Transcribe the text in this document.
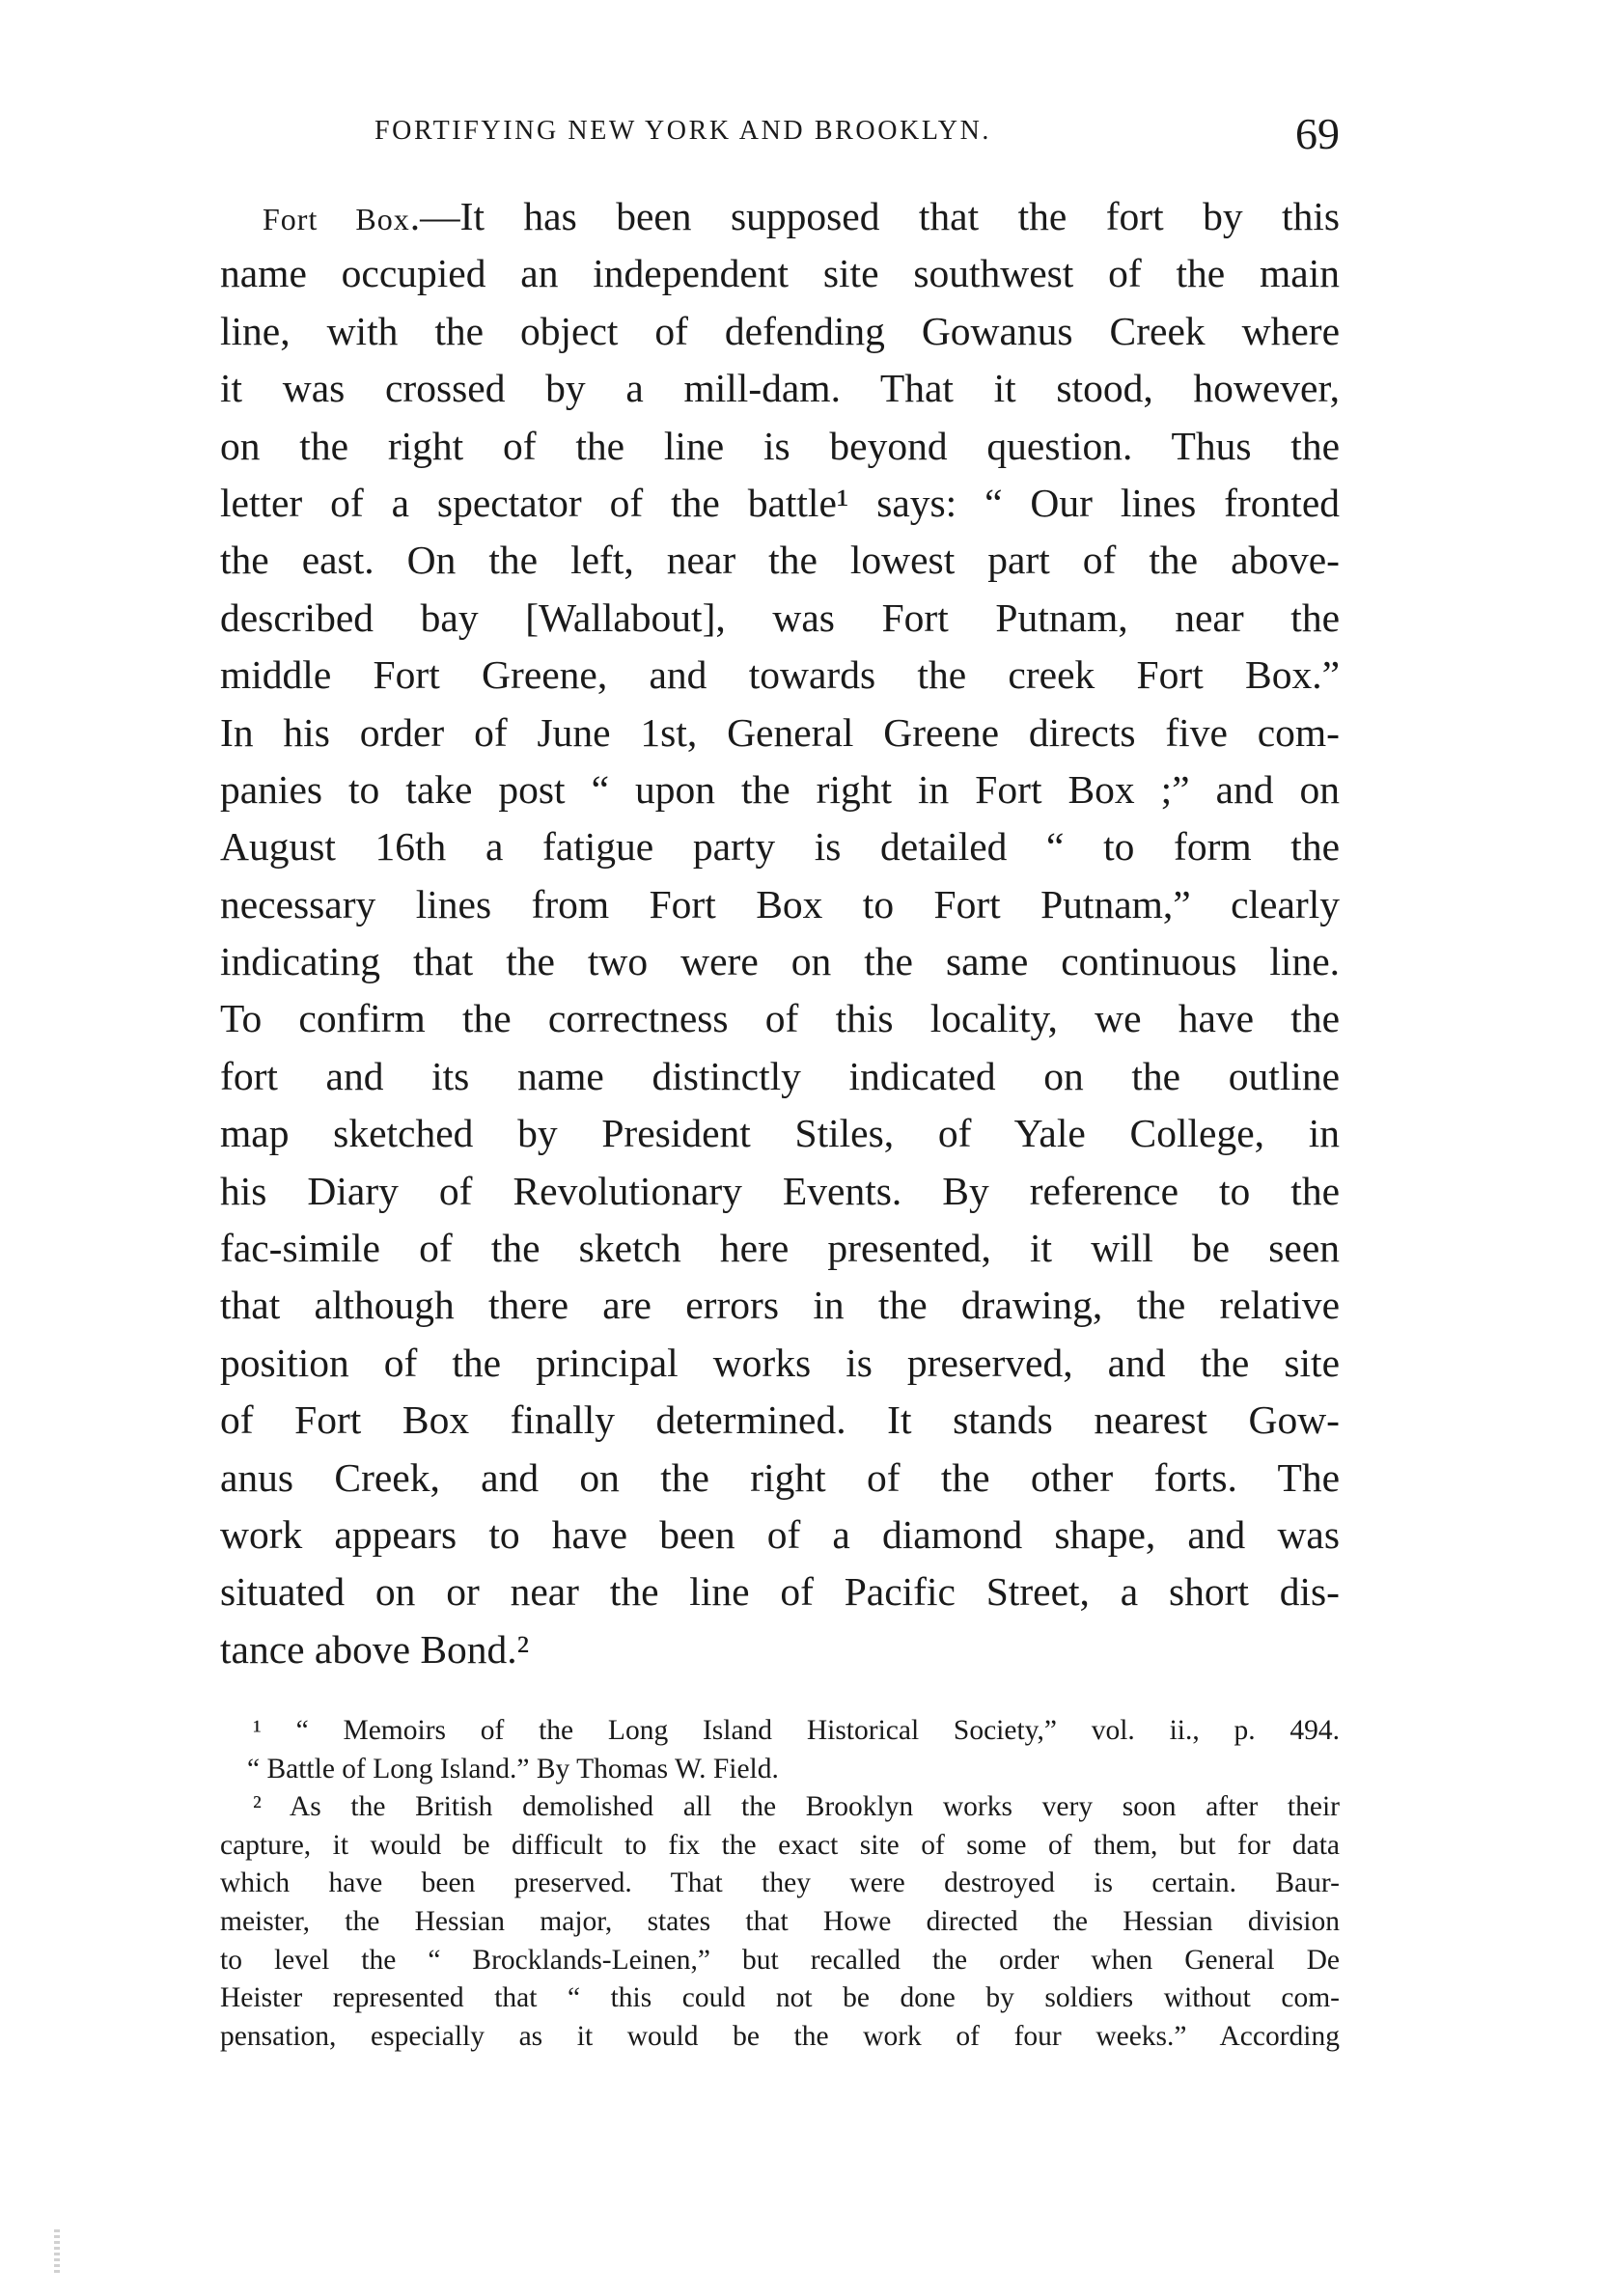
FORTIFYING NEW YORK AND BROOKLYN.	69
Fort Box.—It has been supposed that the fort by this
name occupied an independent site southwest of the main
line, with the object of defending Gowanus Creek where
it was crossed by a mill-dam. That it stood, however,
on the right of the line is beyond question. Thus the
letter of a spectator of the battle¹ says: “ Our lines fronted
the east. On the left, near the lowest part of the above-
described bay [Wallabout], was Fort Putnam, near the
middle Fort Greene, and towards the creek Fort Box.”
In his order of June 1st, General Greene directs five com-
panies to take post “ upon the right in Fort Box ;” and on
August 16th a fatigue party is detailed “ to form the
necessary lines from Fort Box to Fort Putnam,” clearly
indicating that the two were on the same continuous line.
To confirm the correctness of this locality, we have the
fort and its name distinctly indicated on the outline
map sketched by President Stiles, of Yale College, in
his Diary of Revolutionary Events. By reference to the
fac-simile of the sketch here presented, it will be seen
that although there are errors in the drawing, the relative
position of the principal works is preserved, and the site
of Fort Box finally determined. It stands nearest Gow-
anus Creek, and on the right of the other forts. The
work appears to have been of a diamond shape, and was
situated on or near the line of Pacific Street, a short dis-
tance above Bond.²
¹ “ Memoirs of the Long Island Historical Society,” vol. ii., p. 494.
“ Battle of Long Island.” By Thomas W. Field.
² As the British demolished all the Brooklyn works very soon after their
capture, it would be difficult to fix the exact site of some of them, but for data
which have been preserved. That they were destroyed is certain. Baur-
meister, the Hessian major, states that Howe directed the Hessian division
to level the “ Brocklands-Leinen,” but recalled the order when General De
Heister represented that “ this could not be done by soldiers without com-
pensation, especially as it would be the work of four weeks.” According
